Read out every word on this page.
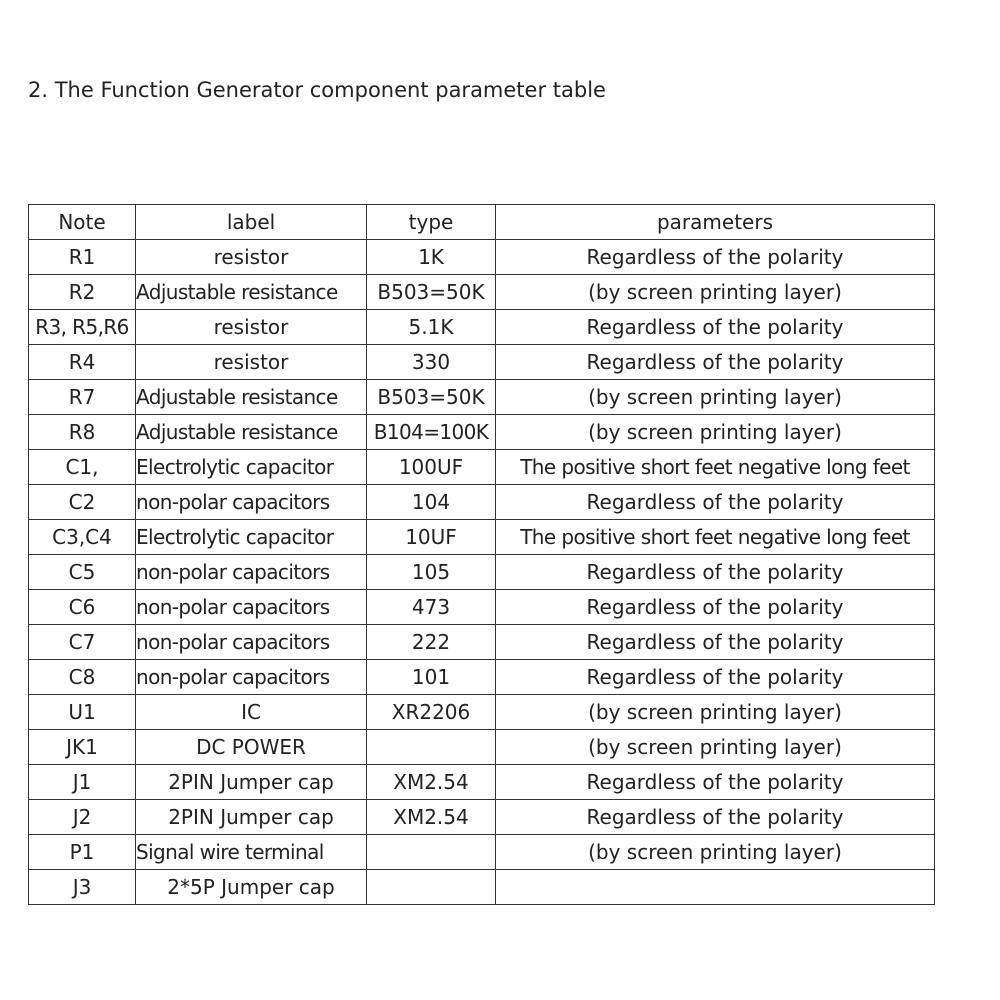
2. The Function Generator component parameter table
Note	label	type	parameters
R1	resistor	1K	Regardless of the polarity
R2	Adjustable resistance	B503=50K	(by screen printing layer)
R3, R5,R6	resistor	5.1K	Regardless of the polarity
R4	resistor	330	Regardless of the polarity
R7	Adjustable resistance	B503=50K	(by screen printing layer)
R8	Adjustable resistance	B104=100K	(by screen printing layer)
C1,	Electrolytic capacitor	100UF	The positive short feet negative long feet
C2	non-polar capacitors	104	Regardless of the polarity
C3,C4	Electrolytic capacitor	10UF	The positive short feet negative long feet
C5	non-polar capacitors	105	Regardless of the polarity
C6	non-polar capacitors	473	Regardless of the polarity
C7	non-polar capacitors	222	Regardless of the polarity
C8	non-polar capacitors	101	Regardless of the polarity
U1	IC	XR2206	(by screen printing layer)
JK1	DC POWER		(by screen printing layer)
J1	2PIN Jumper cap	XM2.54	Regardless of the polarity
J2	2PIN Jumper cap	XM2.54	Regardless of the polarity
P1	Signal wire terminal		(by screen printing layer)
J3	2*5P Jumper cap		
